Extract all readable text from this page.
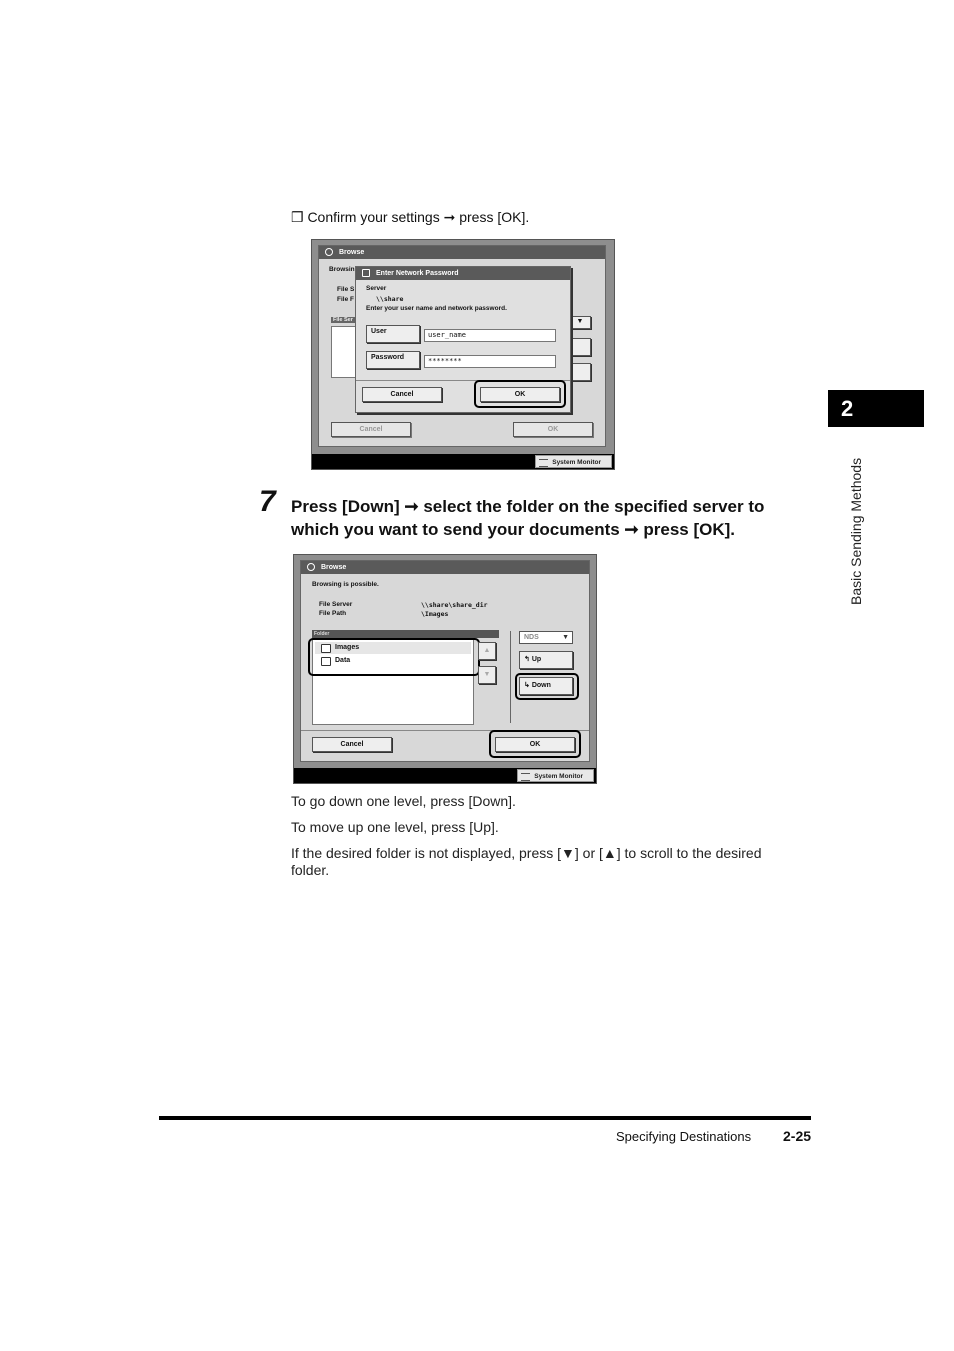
2
Basic Sending Methods
❒ Confirm your settings ➞ press [OK].
Browse
Browsin
File S
File F
File Ser	▼
Cancel	OK
Enter Network Password
Server
\\share
Enter your user name and network password.
User	user_name
Password	********
Cancel	OK
System Monitor
7 Press [Down] ➞ select the folder on the specified server to which you want to send your documents ➞ press [OK].
Browse
Browsing is possible.
File Server	\\share\share_dir
File Path	\Images
Folder
Images
Data
▲
▼
NDS	▼
↰ Up
↳ Down
Cancel	OK
System Monitor
To go down one level, press [Down].
To move up one level, press [Up].
If the desired folder is not displayed, press [▼] or [▲] to scroll to the desired folder.
Specifying Destinations 2-25
